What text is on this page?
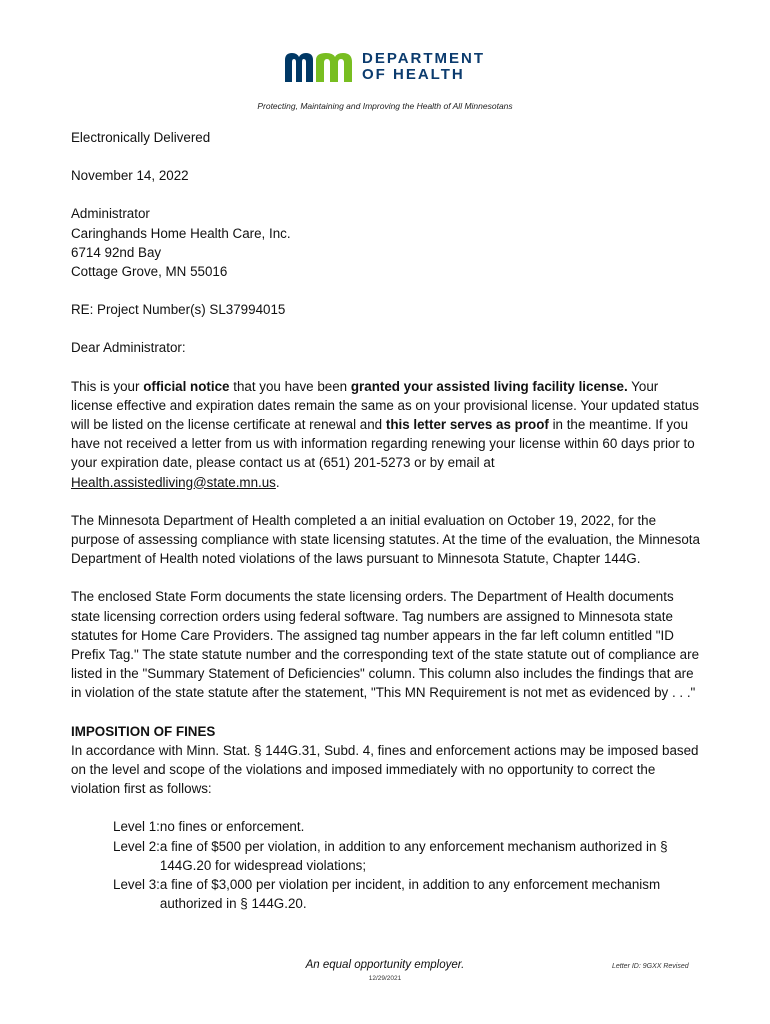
DEPARTMENT
OF HEALTH
Protecting, Maintaining and Improving the Health of All Minnesotans

Electronically Delivered

November 14, 2022

Administrator
Caringhands Home Health Care, Inc.
6714 92nd Bay
Cottage Grove, MN 55016

RE: Project Number(s) SL37994015

Dear Administrator:

This is your official notice that you have been granted your assisted living facility license. Your license effective and expiration dates remain the same as on your provisional license. Your updated status will be listed on the license certificate at renewal and this letter serves as proof in the meantime. If you have not received a letter from us with information regarding renewing your license within 60 days prior to your expiration date, please contact us at (651) 201-5273 or by email at Health.assistedliving@state.mn.us.

The Minnesota Department of Health completed a an initial evaluation on October 19, 2022, for the purpose of assessing compliance with state licensing statutes. At the time of the evaluation, the Minnesota Department of Health noted violations of the laws pursuant to Minnesota Statute, Chapter 144G.

The enclosed State Form documents the state licensing orders. The Department of Health documents state licensing correction orders using federal software. Tag numbers are assigned to Minnesota state statutes for Home Care Providers. The assigned tag number appears in the far left column entitled "ID Prefix Tag." The state statute number and the corresponding text of the state statute out of compliance are listed in the "Summary Statement of Deficiencies" column. This column also includes the findings that are in violation of the state statute after the statement, "This MN Requirement is not met as evidenced by . . ."

IMPOSITION OF FINES
In accordance with Minn. Stat. § 144G.31, Subd. 4, fines and enforcement actions may be imposed based on the level and scope of the violations and imposed immediately with no opportunity to correct the violation first as follows:
Level 1: no fines or enforcement.
Level 2: a fine of $500 per violation, in addition to any enforcement mechanism authorized in § 144G.20 for widespread violations;
Level 3: a fine of $3,000 per violation per incident, in addition to any enforcement mechanism authorized in § 144G.20.
An equal opportunity employer.
12/29/2021
Letter ID: 9GXX Revised
